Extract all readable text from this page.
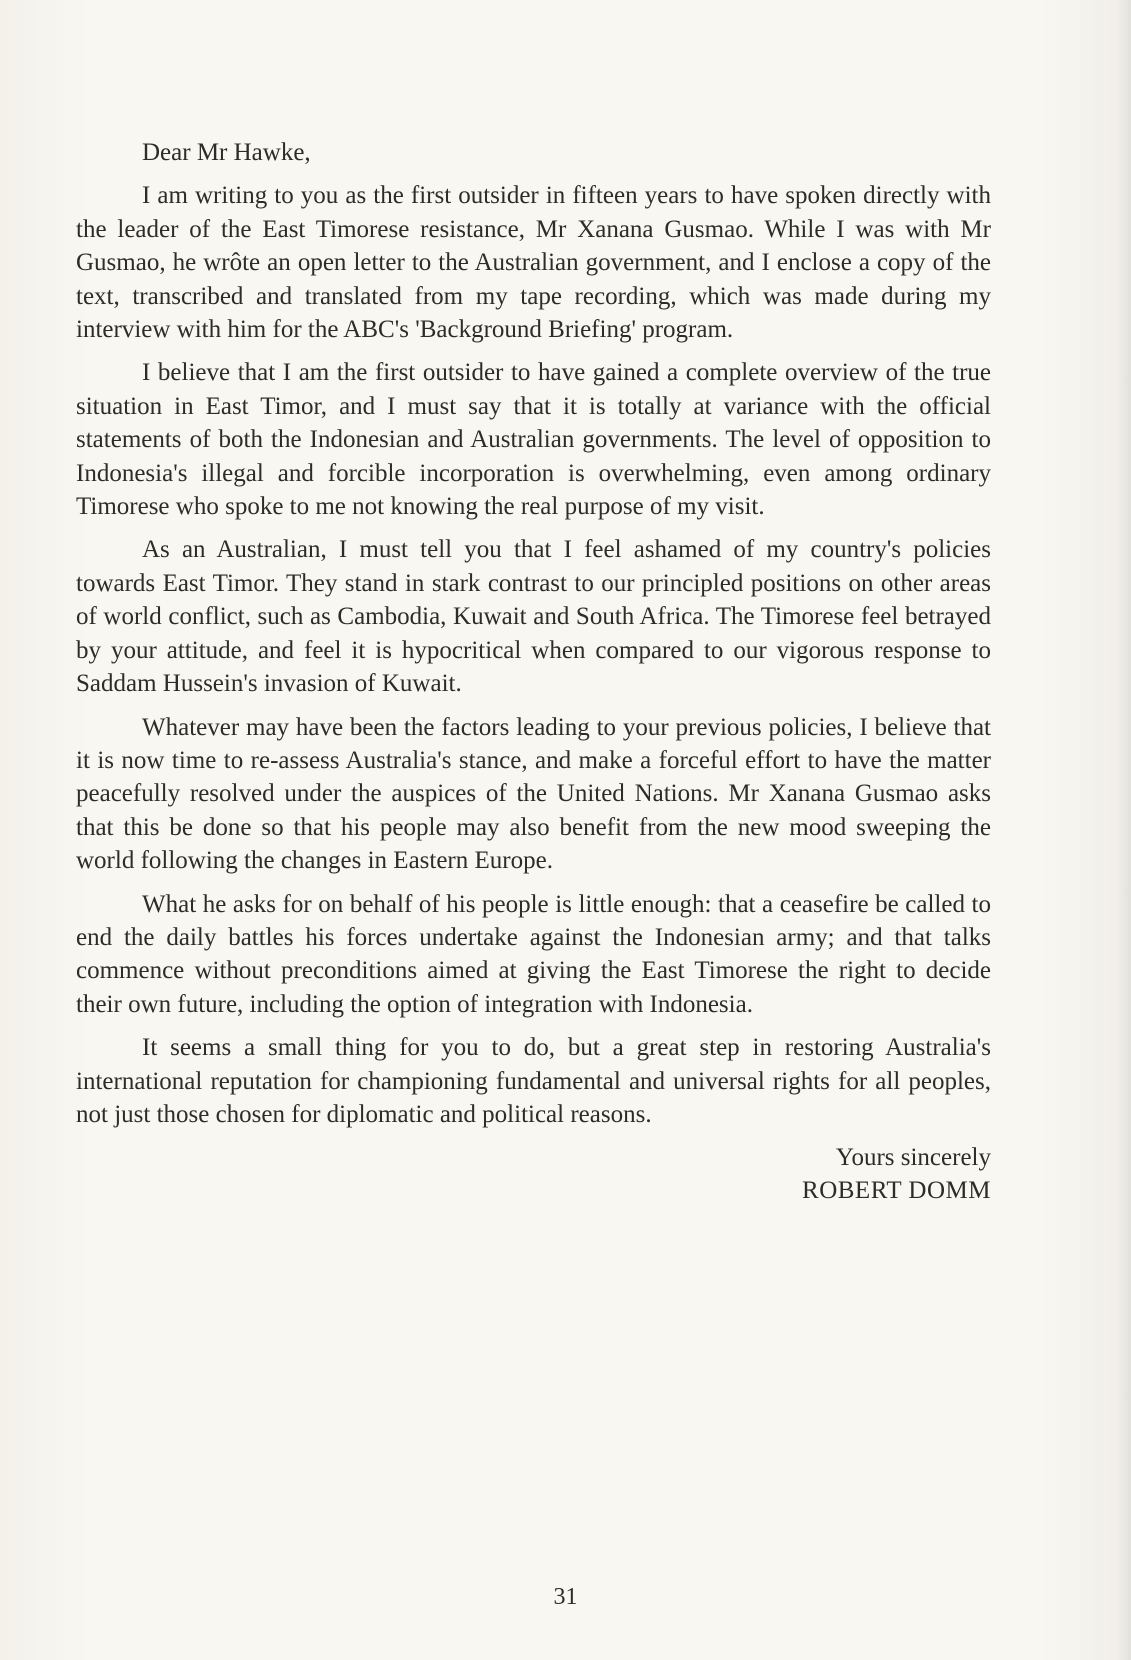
Dear Mr Hawke,

I am writing to you as the first outsider in fifteen years to have spoken directly with the leader of the East Timorese resistance, Mr Xanana Gusmao. While I was with Mr Gusmao, he wrôte an open letter to the Australian government, and I enclose a copy of the text, transcribed and translated from my tape recording, which was made during my interview with him for the ABC's 'Background Briefing' program.

I believe that I am the first outsider to have gained a complete overview of the true situation in East Timor, and I must say that it is totally at variance with the official statements of both the Indonesian and Australian governments. The level of opposition to Indonesia's illegal and forcible incorporation is overwhelming, even among ordinary Timorese who spoke to me not knowing the real purpose of my visit.

As an Australian, I must tell you that I feel ashamed of my country's policies towards East Timor. They stand in stark contrast to our principled positions on other areas of world conflict, such as Cambodia, Kuwait and South Africa. The Timorese feel betrayed by your attitude, and feel it is hypocritical when compared to our vigorous response to Saddam Hussein's invasion of Kuwait.

Whatever may have been the factors leading to your previous policies, I believe that it is now time to re-assess Australia's stance, and make a forceful effort to have the matter peacefully resolved under the auspices of the United Nations. Mr Xanana Gusmao asks that this be done so that his people may also benefit from the new mood sweeping the world following the changes in Eastern Europe.

What he asks for on behalf of his people is little enough: that a ceasefire be called to end the daily battles his forces undertake against the Indonesian army; and that talks commence without preconditions aimed at giving the East Timorese the right to decide their own future, including the option of integration with Indonesia.

It seems a small thing for you to do, but a great step in restoring Australia's international reputation for championing fundamental and universal rights for all peoples, not just those chosen for diplomatic and political reasons.

Yours sincerely
ROBERT DOMM
31
